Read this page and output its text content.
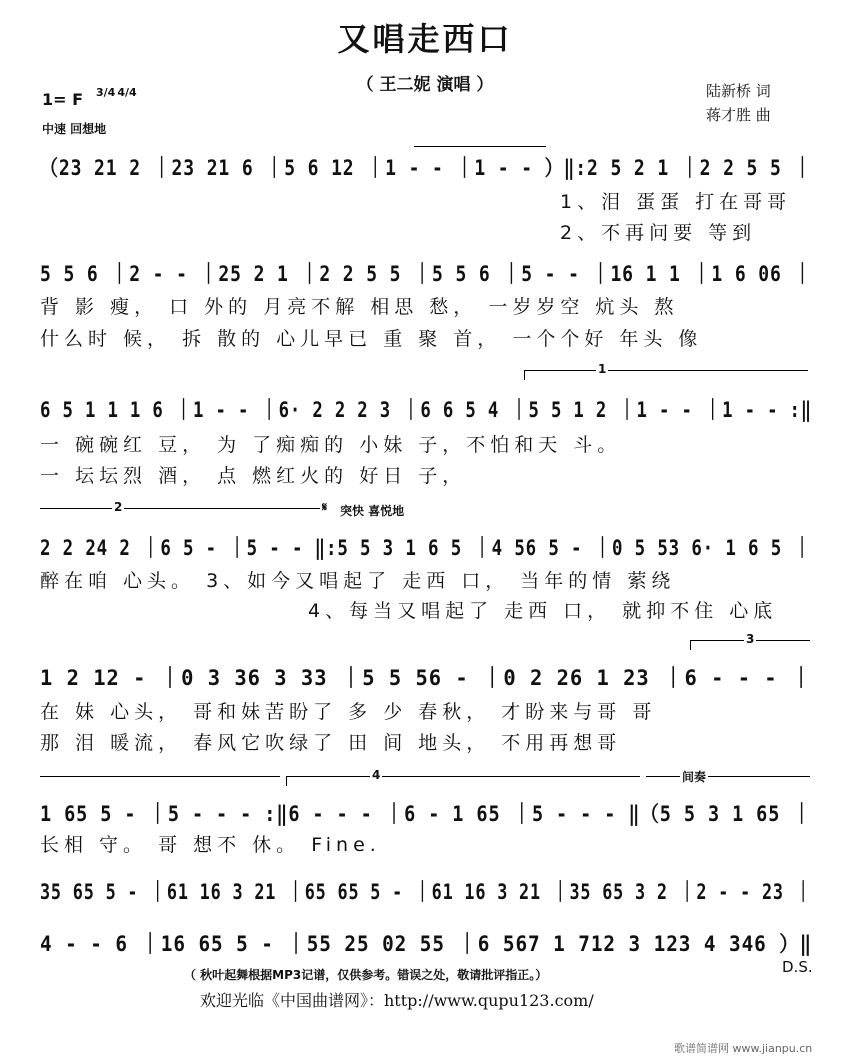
又唱走西口
（ 王二妮 演唱 ）
1= F 3/4 4/4
中速 回想地
陆新桥 词
蒋才胜 曲
（23 21 2 ｜23 21 6 ｜5 6 12 ｜1 - - ｜1 - - ）‖:2 5 2 1 ｜2 2 5 5 ｜
1、泪 蛋蛋 打在哥哥
2、不再问要 等到
5 5 6 ｜2 - - ｜25 2 1 ｜2 2 5 5 ｜5 5 6 ｜5 - - ｜16 1 1 ｜1 6 06 ｜
背 影 瘦， 口 外的 月亮不解 相思 愁， 一岁岁空 炕头 熬
什么时 候， 拆 散的 心儿早已 重 聚 首， 一个个好 年头 像
1
6 5 1 1 1 6 ｜1 - - ｜6· 2 2 2 3 ｜6 6 5 4 ｜5 5 1 2 ｜1 - - ｜1 - - :‖
一 碗碗红 豆， 为 了痴痴的 小妹 子，不怕和天 斗。
一 坛坛烈 酒， 点 燃红火的 好日 子，
2	𝄋 突快 喜悦地
2 2 24 2 ｜6 5 - ｜5 - - ‖:5 5 3 1 6 5 ｜4 56 5 - ｜0 5 53 6· 1 6 5 ｜
醉在咱 心头。 3、如今又唱起了 走西 口， 当年的情 萦绕
4、每当又唱起了 走西 口， 就抑不住 心底
3
1 2 12 - ｜0 3 36 3 33 ｜5 5 56 - ｜0 2 26 1 23 ｜6 - - - ｜
在 妹 心头， 哥和妹苦盼了 多 少 春秋， 才盼来与哥 哥
那 泪 暖流， 春风它吹绿了 田 间 地头， 不用再想哥
4	间奏
1 65 5 - ｜5 - - - :‖6 - - - ｜6 - 1 65 ｜5 - - - ‖（5 5 3 1 65 ｜
长相 守。 哥 想不 休。 Fine.
35 65 5 - ｜61 16 3 21 ｜65 65 5 - ｜61 16 3 21 ｜35 65 3 2 ｜2 - - 23 ｜
4 - - 6 ｜16 65 5 - ｜55 25 02 55 ｜6 567 1 712 3 123 4 346 ）‖
D.S.
（ 秋叶起舞根据MP3记谱，仅供参考。错误之处，敬请批评指正。）
欢迎光临《中国曲谱网》：http://www.qupu123.com/
歌谱简谱网 www.jianpu.cn
